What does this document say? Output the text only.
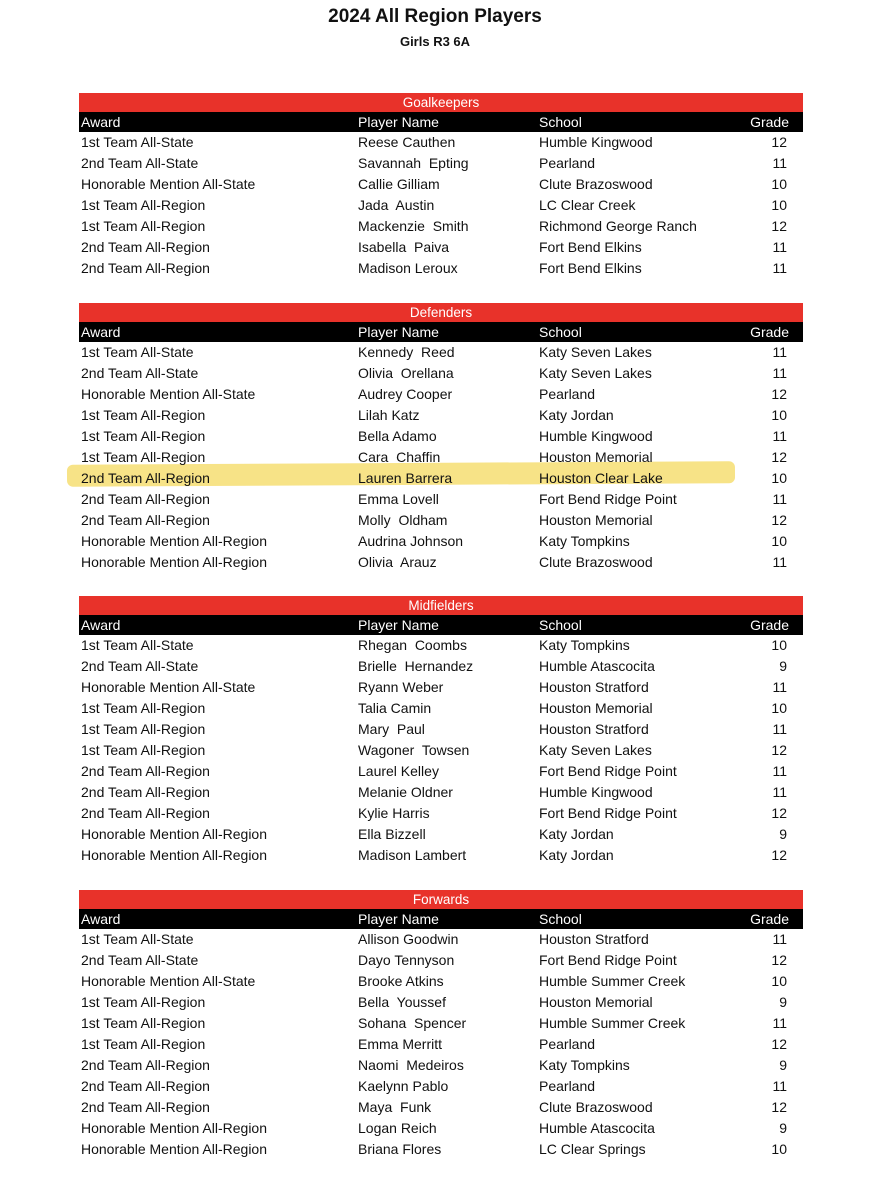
2024 All Region Players
Girls R3 6A
Goalkeepers
Award	Player Name	School	Grade
1st Team All-State	Reese Cauthen	Humble Kingwood	12
2nd Team All-State	Savannah  Epting	Pearland	11
Honorable Mention All-State	Callie Gilliam	Clute Brazoswood	10
1st Team All-Region	Jada  Austin	LC Clear Creek	10
1st Team All-Region	Mackenzie  Smith	Richmond George Ranch	12
2nd Team All-Region	Isabella  Paiva	Fort Bend Elkins	11
2nd Team All-Region	Madison Leroux	Fort Bend Elkins	11
Defenders
Award	Player Name	School	Grade
1st Team All-State	Kennedy  Reed	Katy Seven Lakes	11
2nd Team All-State	Olivia  Orellana	Katy Seven Lakes	11
Honorable Mention All-State	Audrey Cooper	Pearland	12
1st Team All-Region	Lilah Katz	Katy Jordan	10
1st Team All-Region	Bella Adamo	Humble Kingwood	11
1st Team All-Region	Cara  Chaffin	Houston Memorial	12
2nd Team All-Region	Lauren Barrera	Houston Clear Lake	10
2nd Team All-Region	Emma Lovell	Fort Bend Ridge Point	11
2nd Team All-Region	Molly  Oldham	Houston Memorial	12
Honorable Mention All-Region	Audrina Johnson	Katy Tompkins	10
Honorable Mention All-Region	Olivia  Arauz	Clute Brazoswood	11
Midfielders
Award	Player Name	School	Grade
1st Team All-State	Rhegan  Coombs	Katy Tompkins	10
2nd Team All-State	Brielle  Hernandez	Humble Atascocita	9
Honorable Mention All-State	Ryann Weber	Houston Stratford	11
1st Team All-Region	Talia Camin	Houston Memorial	10
1st Team All-Region	Mary  Paul	Houston Stratford	11
1st Team All-Region	Wagoner  Towsen	Katy Seven Lakes	12
2nd Team All-Region	Laurel Kelley	Fort Bend Ridge Point	11
2nd Team All-Region	Melanie Oldner	Humble Kingwood	11
2nd Team All-Region	Kylie Harris	Fort Bend Ridge Point	12
Honorable Mention All-Region	Ella Bizzell	Katy Jordan	9
Honorable Mention All-Region	Madison Lambert	Katy Jordan	12
Forwards
Award	Player Name	School	Grade
1st Team All-State	Allison Goodwin	Houston Stratford	11
2nd Team All-State	Dayo Tennyson	Fort Bend Ridge Point	12
Honorable Mention All-State	Brooke Atkins	Humble Summer Creek	10
1st Team All-Region	Bella  Youssef	Houston Memorial	9
1st Team All-Region	Sohana  Spencer	Humble Summer Creek	11
1st Team All-Region	Emma Merritt	Pearland	12
2nd Team All-Region	Naomi  Medeiros	Katy Tompkins	9
2nd Team All-Region	Kaelynn Pablo	Pearland	11
2nd Team All-Region	Maya  Funk	Clute Brazoswood	12
Honorable Mention All-Region	Logan Reich	Humble Atascocita	9
Honorable Mention All-Region	Briana Flores	LC Clear Springs	10
